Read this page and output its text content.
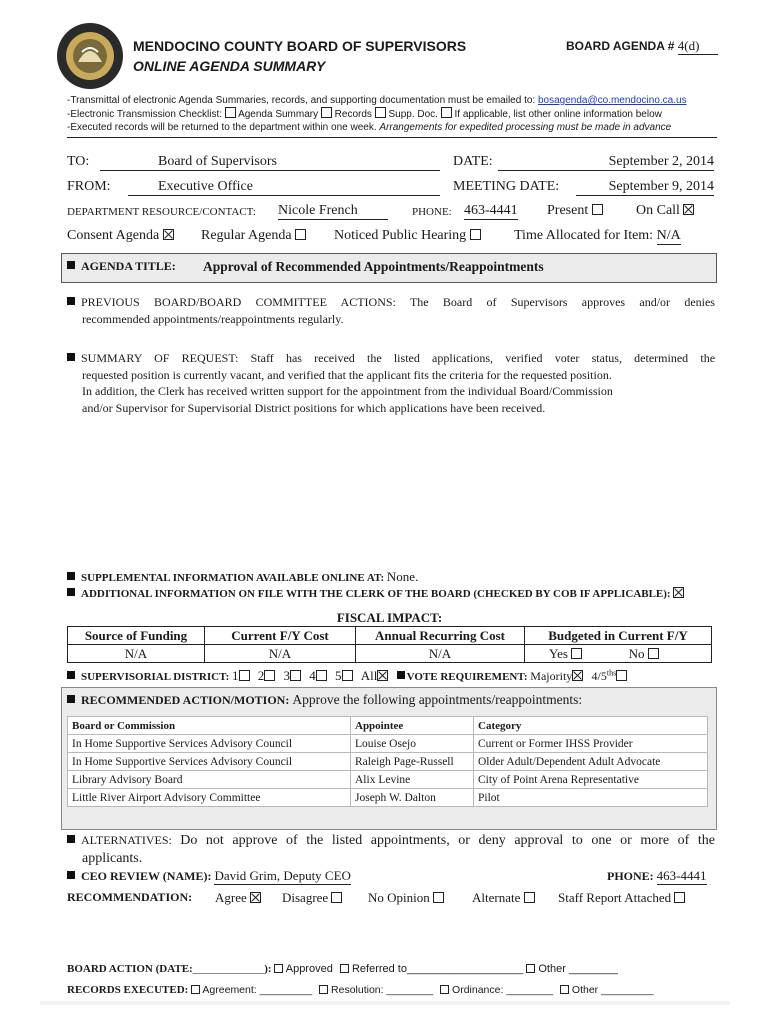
MENDOCINO COUNTY BOARD OF SUPERVISORS
ONLINE AGENDA SUMMARY
BOARD AGENDA # 4(d)
-Transmittal of electronic Agenda Summaries, records, and supporting documentation must be emailed to: bosagenda@co.mendocino.ca.us
-Electronic Transmission Checklist: Agenda Summary Records Supp. Doc. If applicable, list other online information below
-Executed records will be returned to the department within one week. Arrangements for expedited processing must be made in advance
TO:	Board of Supervisors	DATE:	September 2, 2014
FROM:	Executive Office	MEETING DATE:	September 9, 2014
DEPARTMENT RESOURCE/CONTACT: Nicole French	PHONE: 463-4441 Present	On Call
Consent Agenda	Regular Agenda	Noticed Public Hearing	Time Allocated for Item: N/A
AGENDA TITLE: Approval of Recommended Appointments/Reappointments
PREVIOUS BOARD/BOARD COMMITTEE ACTIONS: The Board of Supervisors approves and/or denies
recommended appointments/reappointments regularly.
SUMMARY OF REQUEST: Staff has received the listed applications, verified voter status, determined the
requested position is currently vacant, and verified that the applicant fits the criteria for the requested position.
In addition, the Clerk has received written support for the appointment from the individual Board/Commission
and/or Supervisor for Supervisorial District positions for which applications have been received.
SUPPLEMENTAL INFORMATION AVAILABLE ONLINE AT: None.
ADDITIONAL INFORMATION ON FILE WITH THE CLERK OF THE BOARD (CHECKED BY COB IF APPLICABLE):
FISCAL IMPACT:
Source of Funding	Current F/Y Cost	Annual Recurring Cost	Budgeted in Current F/Y
N/A	N/A	N/A	Yes No
SUPERVISORIAL DISTRICT: 1 2 3 4 5 All	VOTE REQUIREMENT: Majority $4/5^{ths}$
RECOMMENDED ACTION/MOTION: Approve the following appointments/reappointments:
Board or Commission	Appointee	Category
In Home Supportive Services Advisory Council	Louise Osejo	Current or Former IHSS Provider
In Home Supportive Services Advisory Council	Raleigh Page-Russell	Older Adult/Dependent Adult Advocate
Library Advisory Board	Alix Levine	City of Point Arena Representative
Little River Airport Advisory Committee	Joseph W. Dalton	Pilot
ALTERNATIVES: Do not approve of the listed appointments, or deny approval to one or more of the
applicants.
CEO REVIEW (NAME): David Grim, Deputy CEO	PHONE: 463-4441
RECOMMENDATION: Agree	Disagree	No Opinion	Alternate	Staff Report Attached
BOARD ACTION (DATE:_____________): Approved Referred to___________________ Other ________
RECORDS EXECUTED: Agreement: _________ Resolution: ________ Ordinance: ________ Other _________
